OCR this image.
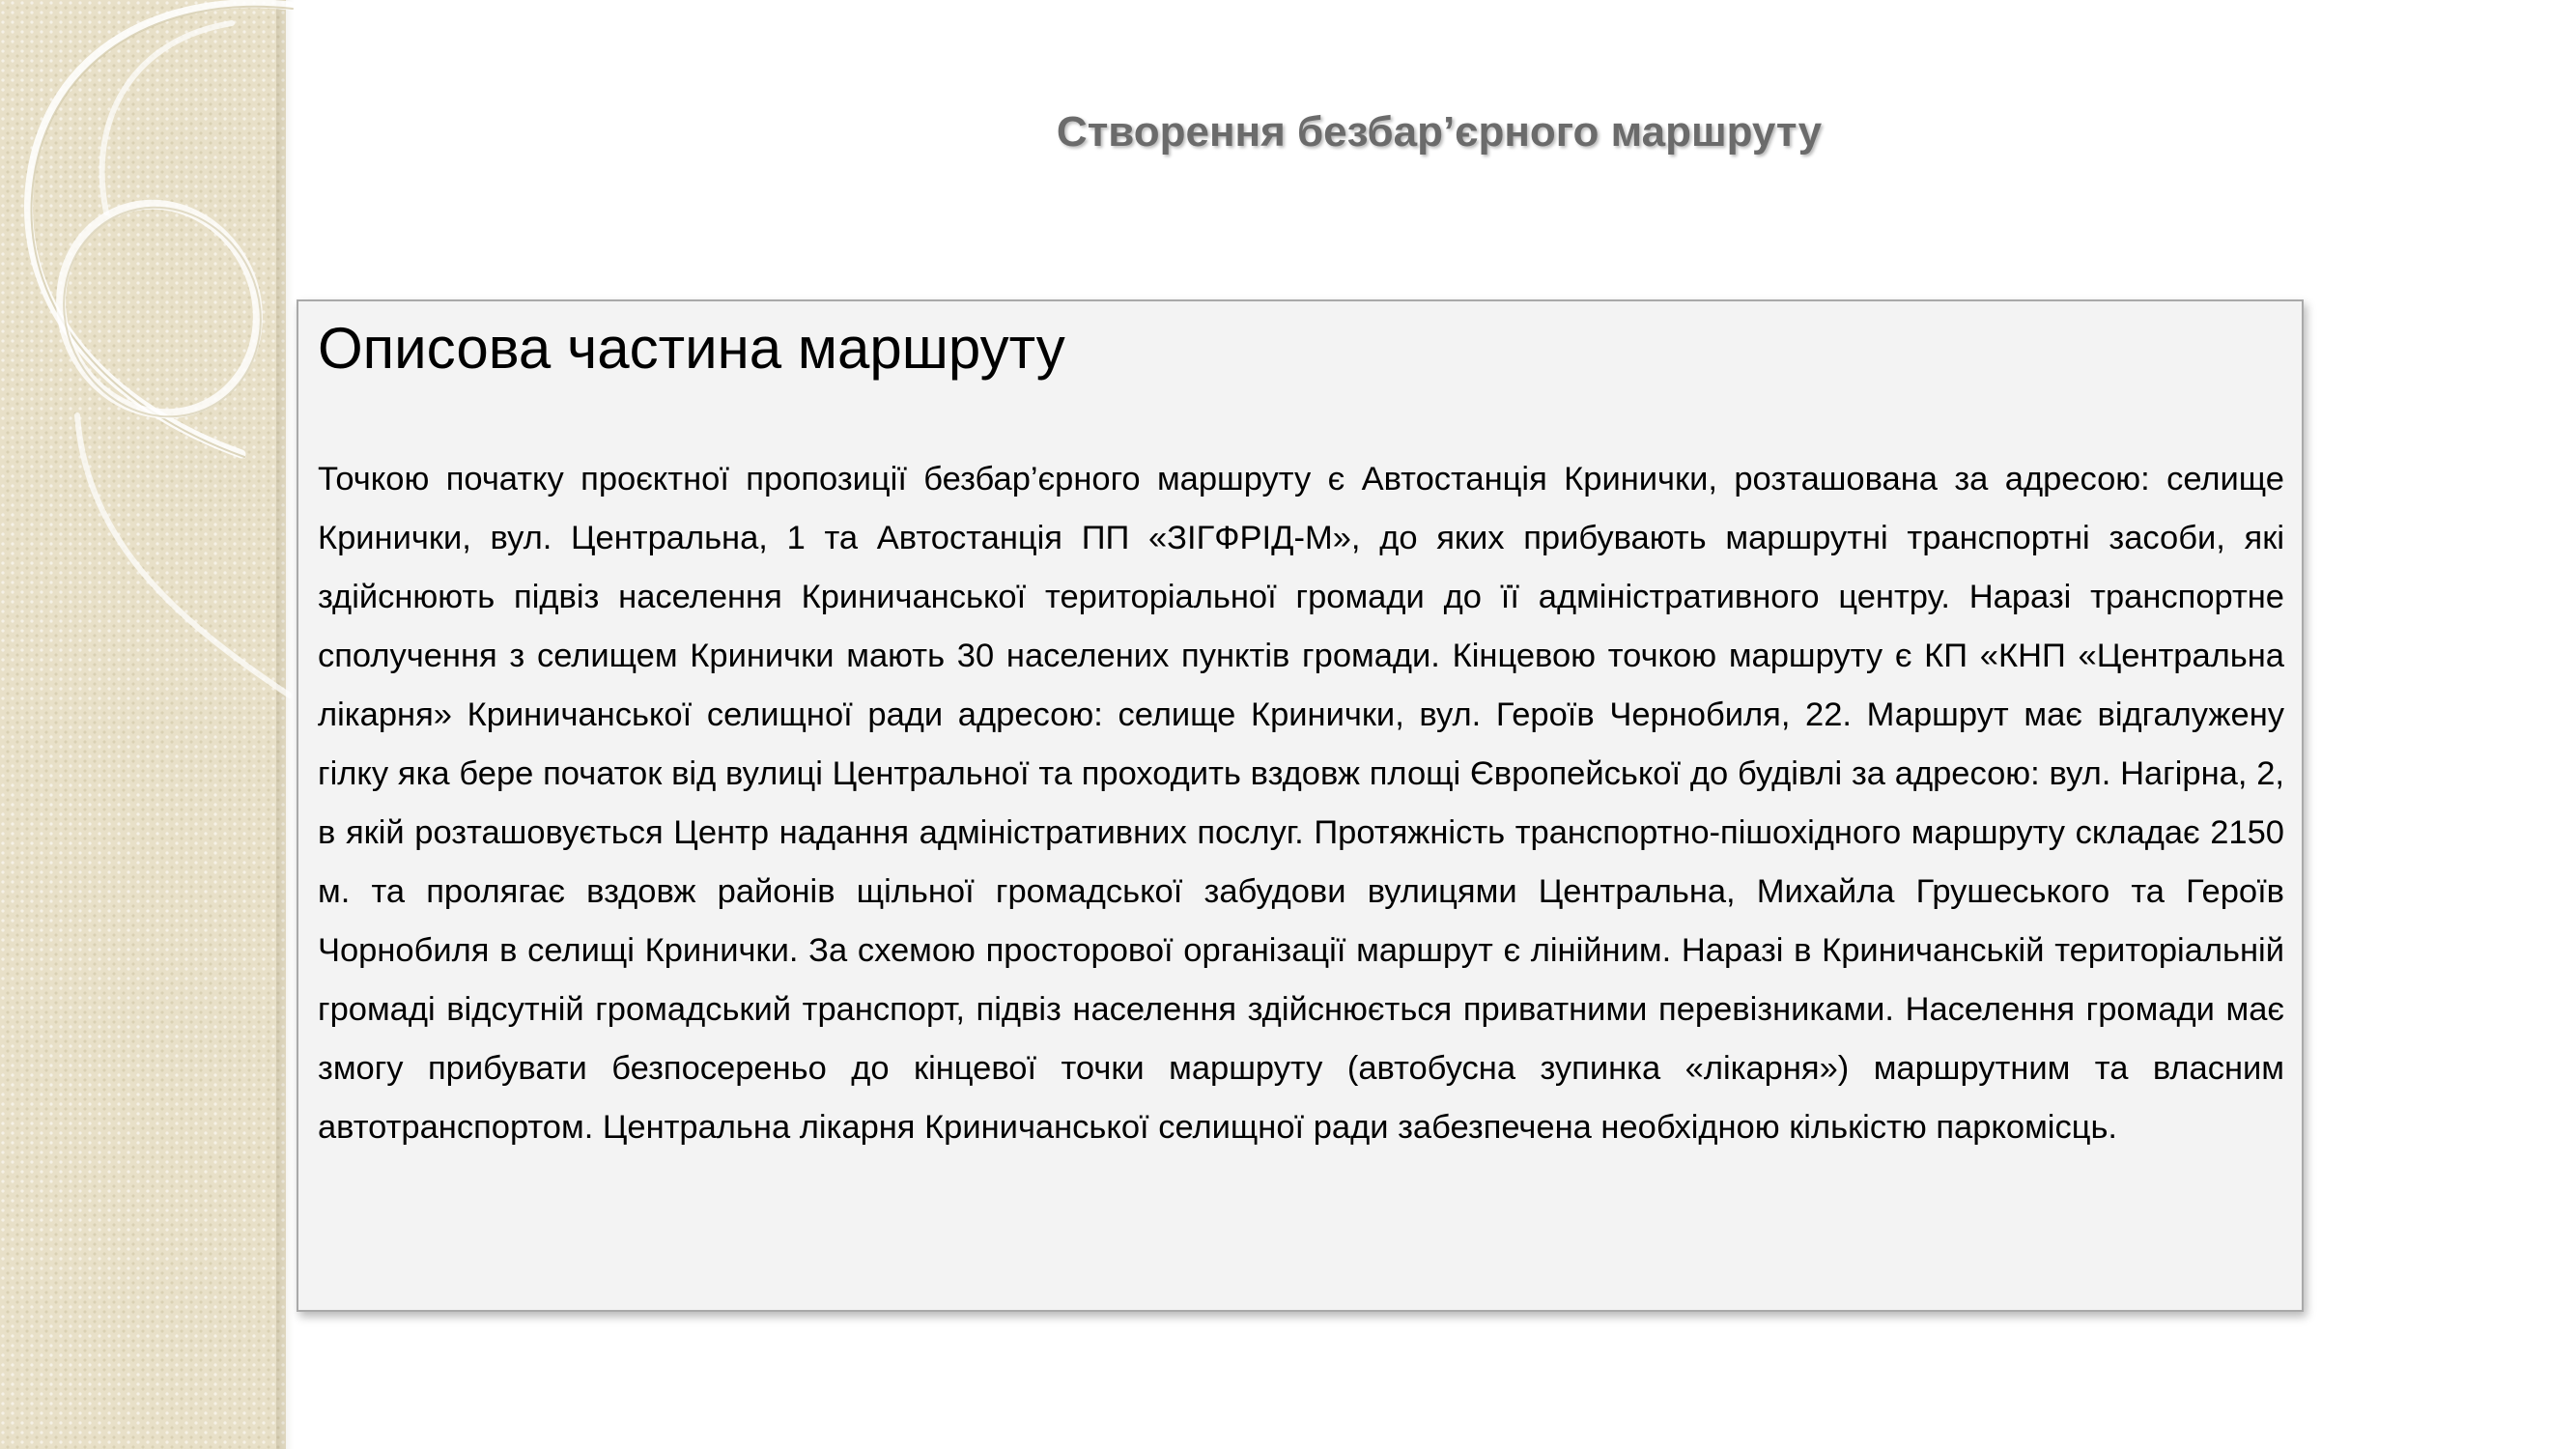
Створення безбар’єрного маршруту
Описова частина маршруту

Точкою початку проєктної пропозиції безбар’єрного маршруту є Автостанція Кринички, розташована за адресою: селище Кринички, вул. Центральна, 1 та Автостанція ПП «ЗІГФРІД-М», до яких прибувають маршрутні транспортні засоби, які здійснюють підвіз населення Криничанської територіальної громади до її адміністративного центру. Наразі транспортне сполучення з селищем Кринички мають 30 населених пунктів громади. Кінцевою точкою маршруту є КП «КНП «Центральна лікарня» Криничанської селищної ради адресою: селище Кринички, вул. Героїв Чернобиля, 22. Маршрут має відгалужену гілку яка бере початок від вулиці Центральної та проходить вздовж площі Європейської до будівлі за адресою: вул. Нагірна, 2, в якій розташовується Центр надання адміністративних послуг. Протяжність транспортно-пішохідного маршруту складає 2150 м. та пролягає вздовж районів щільної громадської забудови вулицями Центральна, Михайла Грушеського та Героїв Чорнобиля в селищі Кринички. За схемою просторової організації маршрут є лінійним. Наразі в Криничанській територіальній громаді відсутній громадський транспорт, підвіз населення здійснюється приватними перевізниками. Населення громади має змогу прибувати безпосереньо до кінцевої точки маршруту (автобусна зупинка «лікарня») маршрутним та власним автотранспортом. Центральна лікарня Криничанської селищної ради забезпечена необхідною кількістю паркомісць.
